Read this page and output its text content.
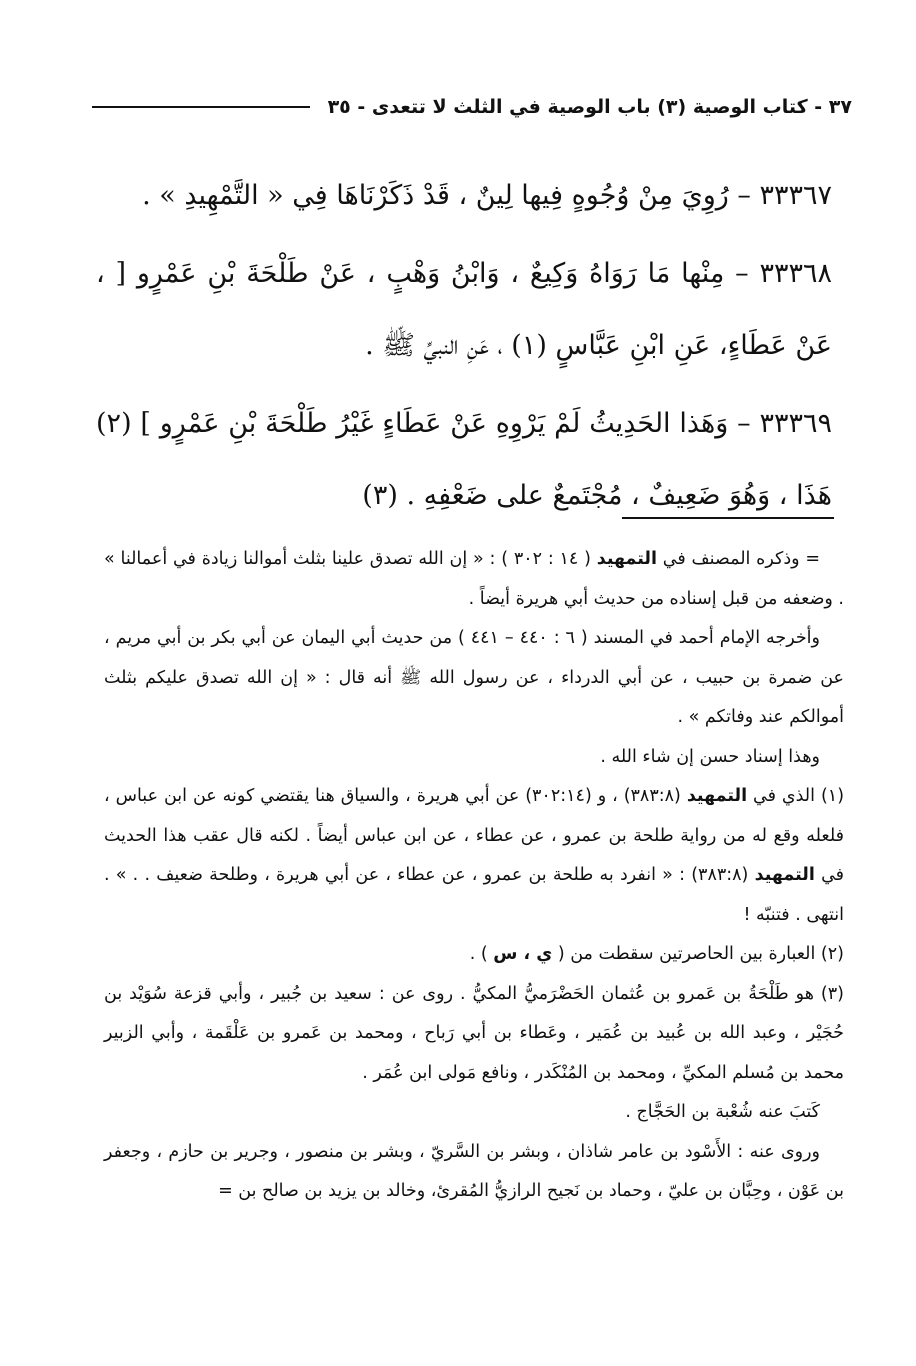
٣٧ - كتاب الوصية (٣) باب الوصية في الثلث لا تتعدى - ٣٥

٣٣٣٦٧ – رُوِيَ مِنْ وُجُوهٍ فِيها لِينٌ ، قَدْ ذَكَرْنَاهَا فِي « التَّمْهِيدِ » .

٣٣٣٦٨ – مِنْها مَا رَوَاهُ وَكِيعٌ ، وَابْنُ وَهْبٍ ، عَنْ طَلْحَةَ بْنِ عَمْرٍو [ ، عَنْ عَطَاءٍ، عَنِ ابْنِ عَبَّاسٍ (١) ، عَنِ النبيِّ ﷺ .

٣٣٣٦٩ – وَهَذا الحَدِيثُ لَمْ يَرْوِهِ عَنْ عَطَاءٍ غَيْرُ طَلْحَةَ بْنِ عَمْرٍو ] (٢) هَذَا ، وَهُوَ ضَعِيفٌ ، مُجْتَمعٌ على ضَعْفِهِ . (٣)

= وذكره المصنف في التمهيد ( ١٤ : ٣٠٢ ) : « إن الله تصدق علينا بثلث أموالنا زيادة في أعمالنا » . وضعفه من قبل إسناده من حديث أبي هريرة أيضاً .

وأخرجه الإمام أحمد في المسند ( ٦ : ٤٤٠ – ٤٤١ ) من حديث أبي اليمان عن أبي بكر بن أبي مريم ، عن ضمرة بن حبيب ، عن أبي الدرداء ، عن رسول الله ﷺ أنه قال : « إن الله تصدق عليكم بثلث أموالكم عند وفاتكم » .

وهذا إسناد حسن إن شاء الله .

(١) الذي في التمهيد (٣٨٣:٨) ، و (٣٠٢:١٤) عن أبي هريرة ، والسياق هنا يقتضي كونه عن ابن عباس ، فلعله وقع له من رواية طلحة بن عمرو ، عن عطاء ، عن ابن عباس أيضاً . لكنه قال عقب هذا الحديث في التمهيد (٣٨٣:٨) : « انفرد به طلحة بن عمرو ، عن عطاء ، عن أبي هريرة ، وطلحة ضعيف . . » . انتهى . فتنبّه !

(٢) العبارة بين الحاصرتين سقطت من ( ي ، س ) .

(٣) هو طَلْحَةُ بن عَمرو بن عُثمان الحَضْرَميُّ المكيُّ . روى عن : سعيد بن جُبير ، وأبي قزعة سُوَيْد بن حُجَيْر ، وعبد الله بن عُبيد بن عُمَير ، وعَطاء بن أبي رَباح ، ومحمد بن عَمرو بن عَلْقَمة ، وأبي الزبير محمد بن مُسلم المكيِّ ، ومحمد بن المُنْكَدر ، ونافع مَولى ابن عُمَر .

كَتبَ عنه شُعْبة بن الحَجَّاج .

وروى عنه : الأَسْود بن عامر شاذان ، وبشر بن السَّريّ ، وبشر بن منصور ، وجرير بن حازم ، وجعفر بن عَوْن ، وحِبَّان بن عليّ ، وحماد بن نَجيح الرازيُّ المُقرئ، وخالد بن يزيد بن صالح بن =
